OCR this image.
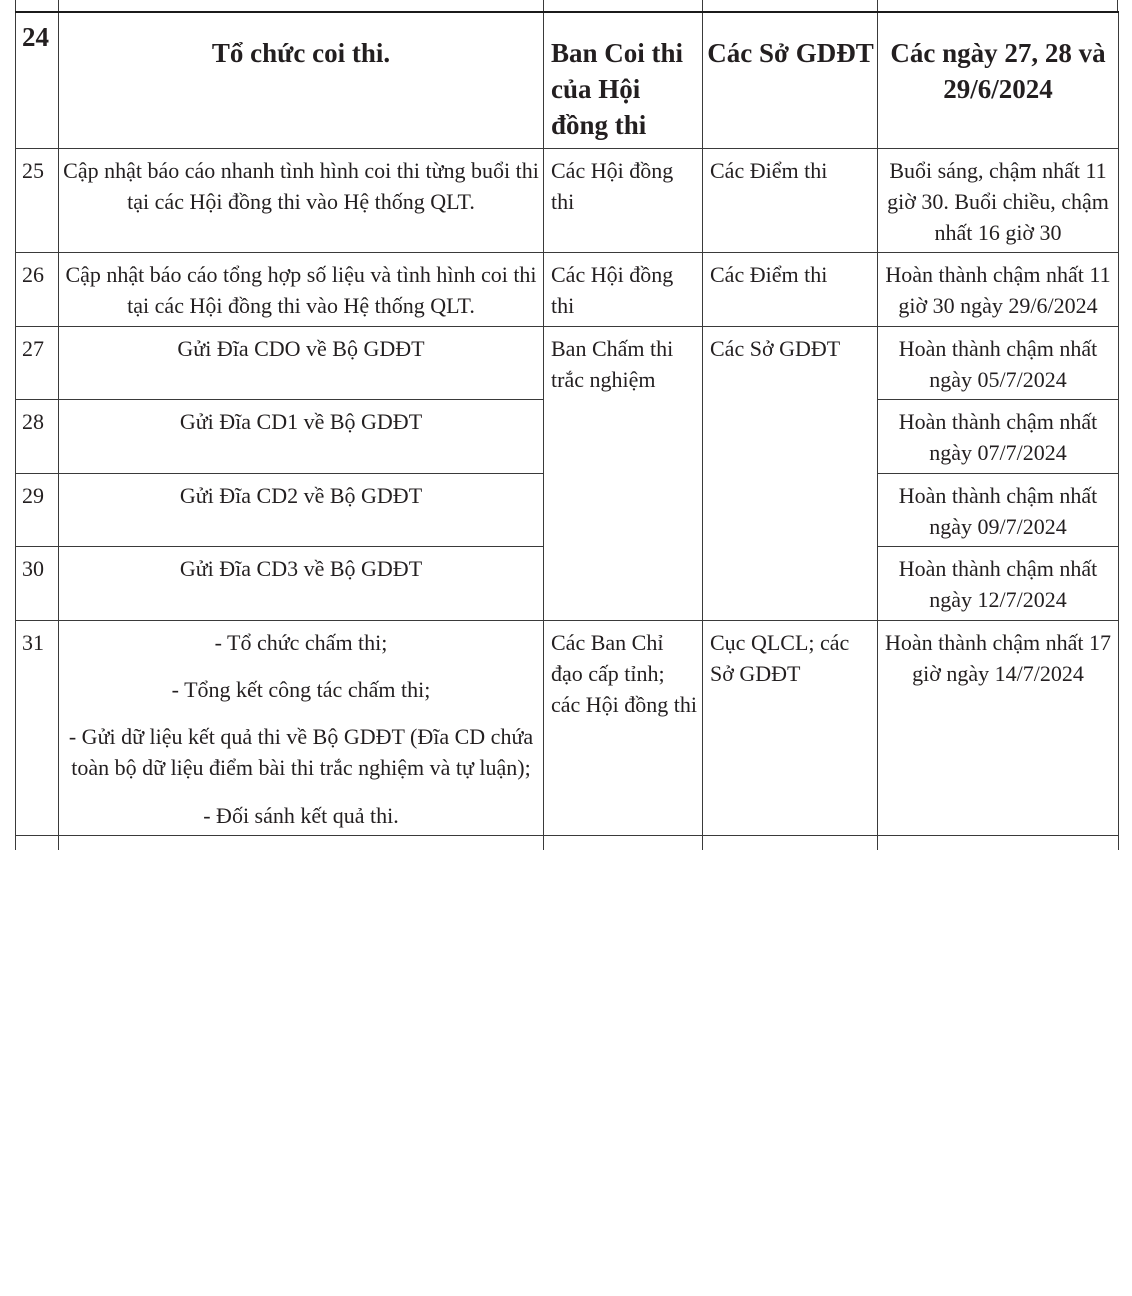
24	Tổ chức coi thi.	Ban Coi thi của Hội đồng thi	Các Sở GDĐT	Các ngày 27, 28 và 29/6/2024
25	Cập nhật báo cáo nhanh tình hình coi thi từng buổi thi tại các Hội đồng thi vào Hệ thống QLT.	Các Hội đồng thi	Các Điểm thi	Buổi sáng, chậm nhất 11 giờ 30. Buổi chiều, chậm nhất 16 giờ 30
26	Cập nhật báo cáo tổng hợp số liệu và tình hình coi thi tại các Hội đồng thi vào Hệ thống QLT.	Các Hội đồng thi	Các Điểm thi	Hoàn thành chậm nhất 11 giờ 30 ngày 29/6/2024
27	Gửi Đĩa CDO về Bộ GDĐT	Ban Chấm thi trắc nghiệm	Các Sở GDĐT	Hoàn thành chậm nhất ngày 05/7/2024
28	Gửi Đĩa CD1 về Bộ GDĐT			Hoàn thành chậm nhất ngày 07/7/2024
29	Gửi Đĩa CD2 về Bộ GDĐT			Hoàn thành chậm nhất ngày 09/7/2024
30	Gửi Đĩa CD3 về Bộ GDĐT			Hoàn thành chậm nhất ngày 12/7/2024
31	- Tổ chức chấm thi;
- Tổng kết công tác chấm thi;
- Gửi dữ liệu kết quả thi về Bộ GDĐT (Đĩa CD chứa toàn bộ dữ liệu điểm bài thi trắc nghiệm và tự luận);
- Đối sánh kết quả thi.	Các Ban Chỉ đạo cấp tỉnh; các Hội đồng thi	Cục QLCL; các Sở GDĐT	Hoàn thành chậm nhất 17 giờ ngày 14/7/2024
